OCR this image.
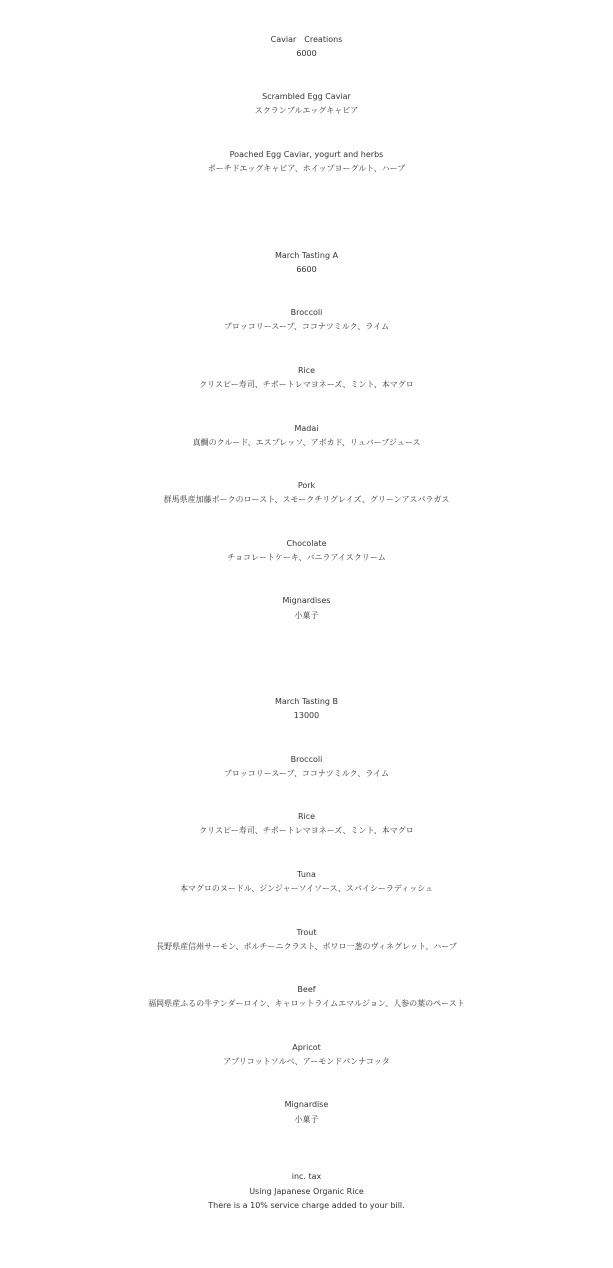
Caviar　Creations
6000
Scrambled Egg Caviar
スクランブルエッグキャビア
Poached Egg Caviar, yogurt and herbs
ポーチドエッグキャビア、ホイップヨーグルト、ハーブ
March Tasting A
6600
Broccoli
ブロッコリースープ、ココナツミルク、ライム
Rice
クリスピー寿司、チポートレマヨネーズ、ミント、本マグロ
Madai
真鯛のクルード、エスプレッソ、アボカド、リュバーブジュース
Pork
群馬県産加藤ポークのロースト、スモークチリグレイズ、グリーンアスパラガス
Chocolate
チョコレートケーキ、バニラアイスクリーム
Mignardises
小菓子
March Tasting B
13000
Broccoli
ブロッコリースープ、ココナツミルク、ライム
Rice
クリスピー寿司、チポートレマヨネーズ、ミント、本マグロ
Tuna
本マグロのヌードル、ジンジャーソイソース、スパイシーラディッシュ
Trout
長野県産信州サーモン、ポルチーニクラスト、ポワロ一葱のヴィネグレット、ハーブ
Beef
福岡県産ふるの牛テンダーロイン、キャロットライムエマルジョン、人参の葉のペースト
Apricot
アプリコットソルベ、アーモンドパンナコッタ
Mignardise
小菓子
inc. tax
Using Japanese Organic Rice
There is a 10% service charge added to your bill.
